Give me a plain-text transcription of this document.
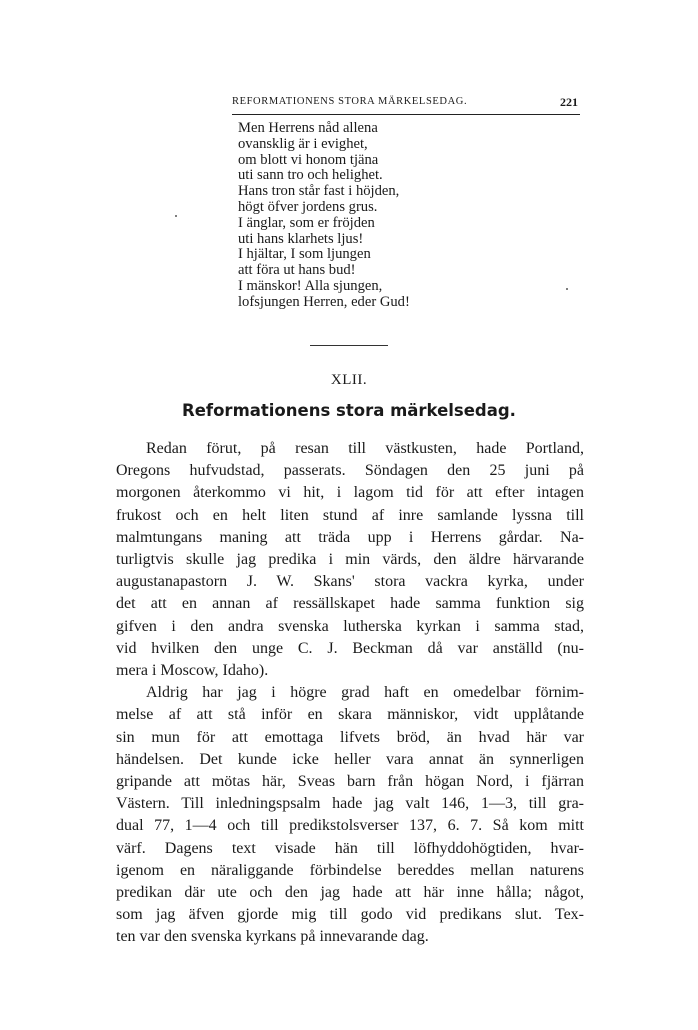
REFORMATIONENS STORA MÄRKELSEDAG.	221
Men Herrens nåd allena
ovansklig är i evighet,
om blott vi honom tjäna
uti sann tro och helighet.
Hans tron står fast i höjden,
högt öfver jordens grus.
I änglar, som er fröjden
uti hans klarhets ljus!
I hjältar, I som ljungen
att föra ut hans bud!
I mänskor! Alla sjungen,
lofsjungen Herren, eder Gud!
XLII.
Reformationens stora märkelsedag.
Redan förut, på resan till västkusten, hade Portland,
Oregons hufvudstad, passerats. Söndagen den 25 juni på
morgonen återkommo vi hit, i lagom tid för att efter intagen
frukost och en helt liten stund af inre samlande lyssna till
malmtungans maning att träda upp i Herrens gårdar. Na-
turligtvis skulle jag predika i min värds, den äldre härvarande
augustanapastorn J. W. Skans' stora vackra kyrka, under
det att en annan af ressällskapet hade samma funktion sig
gifven i den andra svenska lutherska kyrkan i samma stad,
vid hvilken den unge C. J. Beckman då var anställd (nu-
mera i Moscow, Idaho).
Aldrig har jag i högre grad haft en omedelbar förnim-
melse af att stå inför en skara människor, vidt upplåtande
sin mun för att emottaga lifvets bröd, än hvad här var
händelsen. Det kunde icke heller vara annat än synnerligen
gripande att mötas här, Sveas barn från högan Nord, i fjärran
Västern. Till inledningspsalm hade jag valt 146, 1—3, till gra-
dual 77, 1—4 och till predikstolsverser 137, 6. 7. Så kom mitt
värf. Dagens text visade hän till löfhyddohögtiden, hvar-
igenom en näraliggande förbindelse bereddes mellan naturens
predikan där ute och den jag hade att här inne hålla; något,
som jag äfven gjorde mig till godo vid predikans slut. Tex-
ten var den svenska kyrkans på innevarande dag.
